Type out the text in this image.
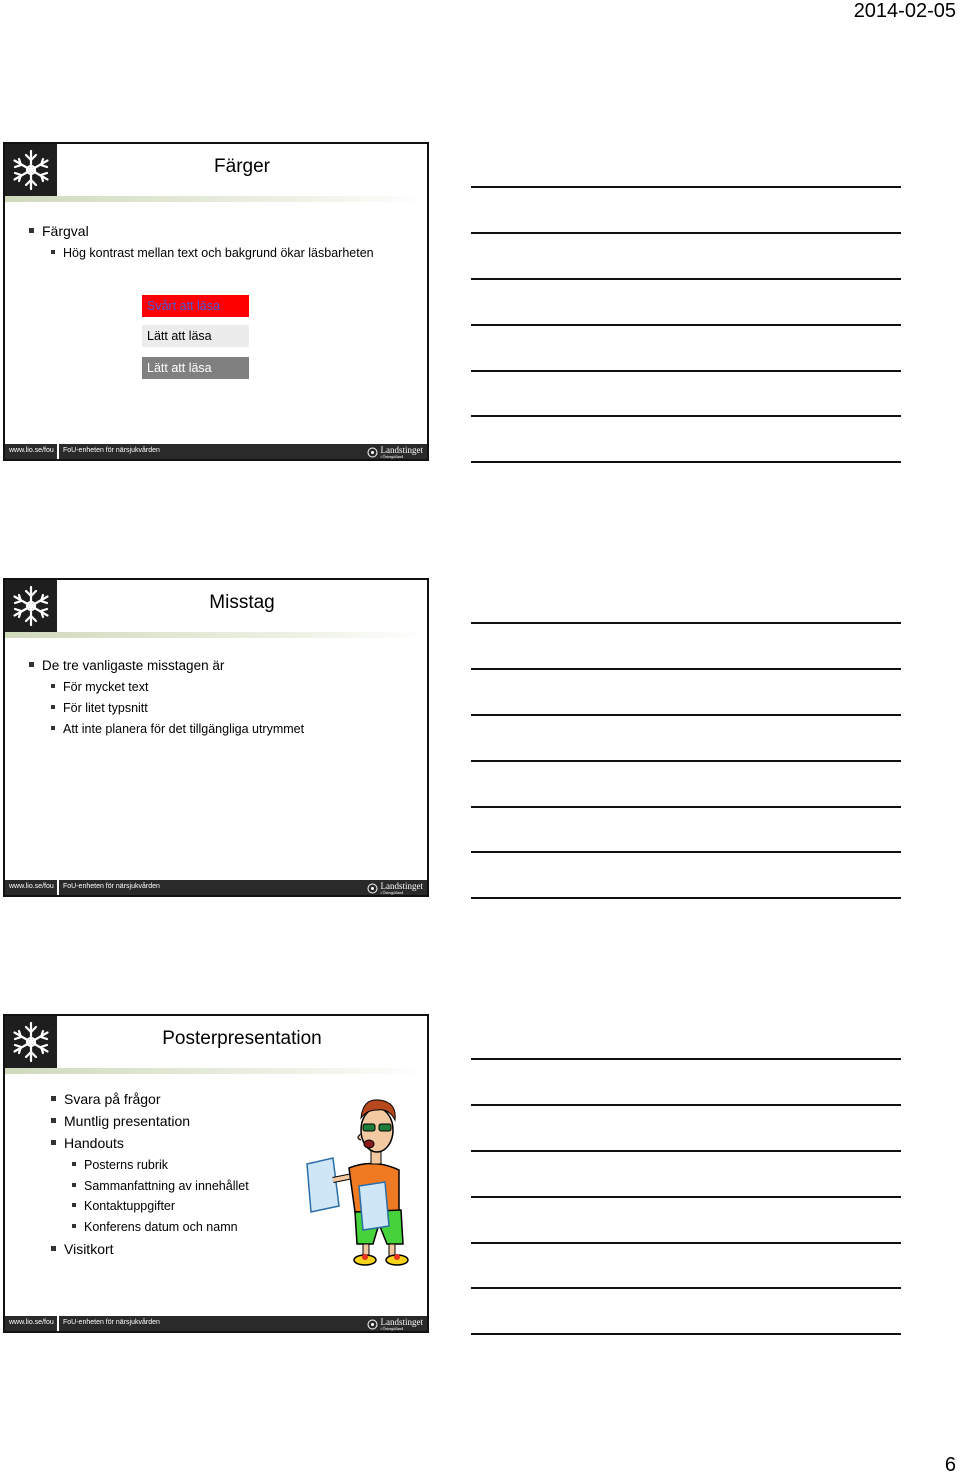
2014-02-05
Färger
Färgval
Hög kontrast mellan text och bakgrund ökar läsbarheten
Svårt att läsa
Lätt att läsa
Lätt att läsa
www.lio.se/fou FoU-enheten för närsjukvården	Landstinget
i Östergötland
Misstag
De tre vanligaste misstagen är
För mycket text
För litet typsnitt
Att inte planera för det tillgängliga utrymmet
www.lio.se/fou FoU-enheten för närsjukvården	Landstinget
i Östergötland
Posterpresentation
Svara på frågor
Muntlig presentation
Handouts
Posterns rubrik
Sammanfattning av innehållet
Kontaktuppgifter
Konferens datum och namn
Visitkort
www.lio.se/fou FoU-enheten för närsjukvården	Landstinget
i Östergötland
6
